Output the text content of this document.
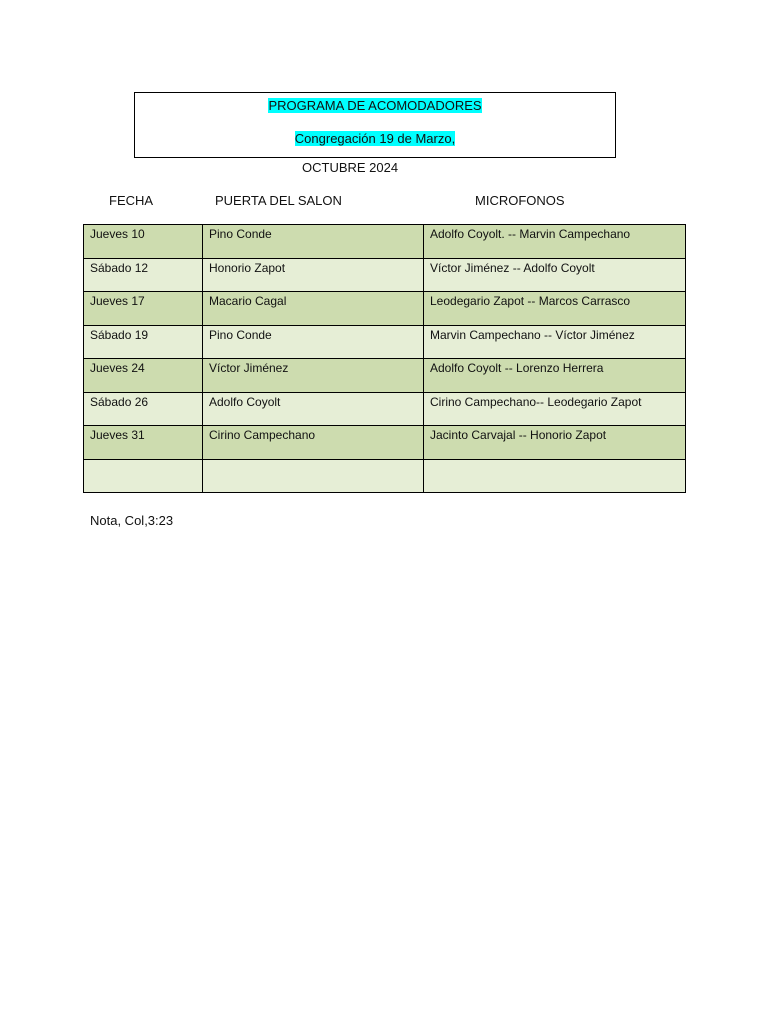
PROGRAMA DE ACOMODADORES
Congregación 19 de Marzo,
OCTUBRE 2024
FECHA	PUERTA DEL SALON	MICROFONOS
Jueves 10	Pino Conde	Adolfo Coyolt. -- Marvin Campechano
Sábado 12	Honorio Zapot	Víctor Jiménez -- Adolfo Coyolt
Jueves 17	Macario Cagal	Leodegario Zapot -- Marcos Carrasco
Sábado 19	Pino Conde	Marvin Campechano -- Víctor Jiménez
Jueves 24	Víctor Jiménez	Adolfo Coyolt -- Lorenzo Herrera
Sábado 26	Adolfo Coyolt	Cirino Campechano-- Leodegario Zapot
Jueves 31	Cirino Campechano	Jacinto Carvajal -- Honorio Zapot

Nota, Col,3:23
